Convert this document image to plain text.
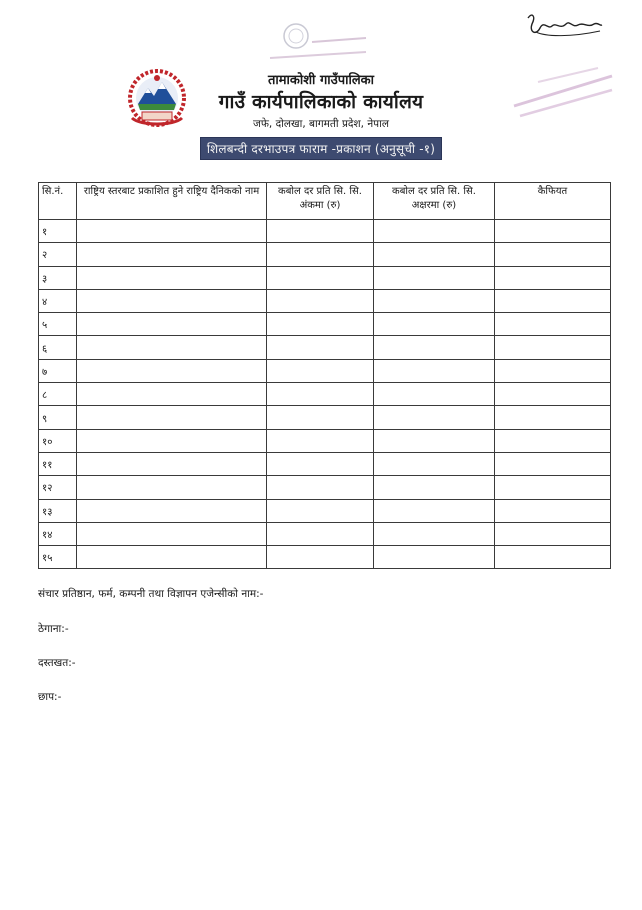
तामाकोशी गाउँपालिका
गाउँ कार्यपालिकाको कार्यालय
जफे, दोलखा, बागमती प्रदेश, नेपाल
शिलबन्दी दरभाउपत्र फाराम -प्रकाशन (अनुसूची -१)
सि.नं.	राष्ट्रिय स्तरबाट प्रकाशित हुने राष्ट्रिय दैनिकको नाम	कबोल दर प्रति सि. सि. अंकमा (रु)	कबोल दर प्रति सि. सि. अक्षरमा (रु)	कैफियत
१				
२				
३				
४				
५				
६				
७				
८				
९				
१०				
११				
१२				
१३				
१४				
१५				
संचार प्रतिष्ठान, फर्म, कम्पनी तथा विज्ञापन एजेन्सीको नाम:-
ठेगाना:-
दस्तखत:-
छाप:-
